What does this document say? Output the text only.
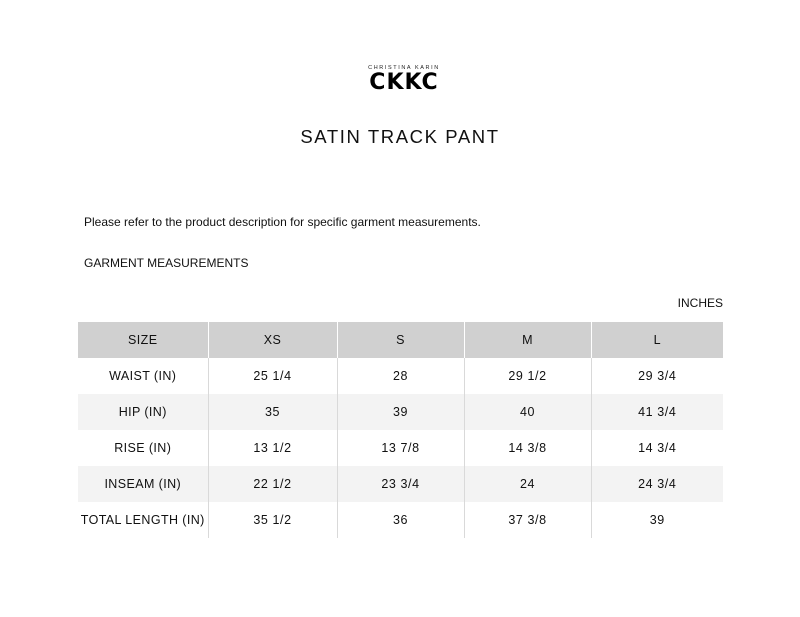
CHRISTINA KARIN
CKKC
SATIN TRACK PANT
Please refer to the product description for specific garment measurements.
GARMENT MEASUREMENTS
INCHES
SIZE	XS	S	M	L
WAIST (IN)	25 1/4	28	29 1/2	29 3/4
HIP (IN)	35	39	40	41 3/4
RISE (IN)	13 1/2	13 7/8	14 3/8	14 3/4
INSEAM (IN)	22 1/2	23 3/4	24	24 3/4
TOTAL LENGTH (IN)	35 1/2	36	37 3/8	39
